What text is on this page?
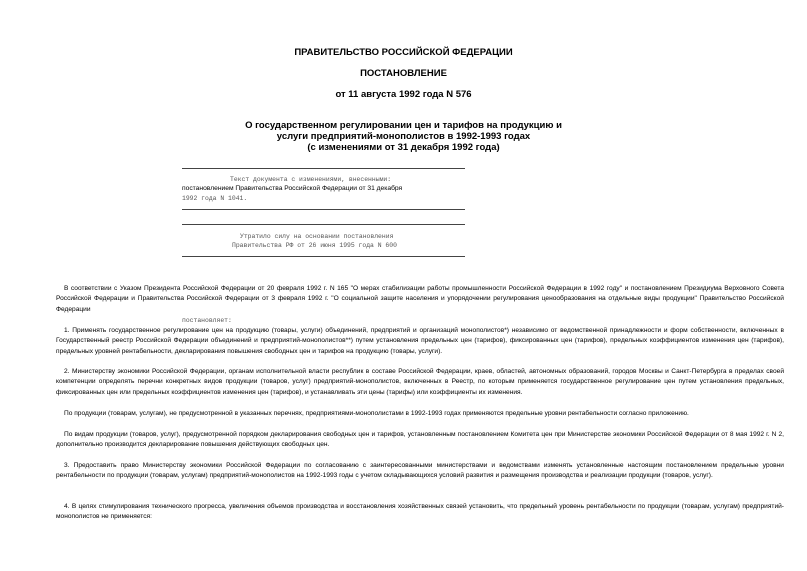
ПРАВИТЕЛЬСТВО РОССИЙСКОЙ ФЕДЕРАЦИИ
ПОСТАНОВЛЕНИЕ
от 11 августа 1992 года N 576
О государственном регулировании цен и тарифов на продукцию и
услуги предприятий-монополистов в 1992-1993 годах
(с изменениями от 31 декабря 1992 года)
Текст документа с изменениями, внесенными:
постановлением Правительства Российской Федерации от 31 декабря
1992 года N 1041.
Утратило силу на основании постановления
Правительства РФ от 26 июня 1995 года N 600
В соответствии с Указом Президента Российской Федерации от 20 февраля 1992 г. N 165 "О мерах стабилизации работы промышленности Российской Федерации в 1992 году" и постановлением Президиума Верховного Совета Российской Федерации и Правительства Российской Федерации от 3 февраля 1992 г. "О социальной защите населения и упорядочении регулирования ценообразования на отдельные виды продукции" Правительство Российской Федерации
постановляет:
1. Применять государственное регулирование цен на продукцию (товары, услуги) объединений, предприятий и организаций монополистов*) независимо от ведомственной принадлежности и форм собственности, включенных в Государственный реестр Российской Федерации объединений и предприятий-монополистов**) путем установления предельных цен (тарифов), фиксированных цен (тарифов), предельных коэффициентов изменения цен (тарифов), предельных уровней рентабельности, декларирования повышения свободных цен и тарифов на продукцию (товары, услуги).
2. Министерству экономики Российской Федерации, органам исполнительной власти республик в составе Российской Федерации, краев, областей, автономных образований, городов Москвы и Санкт-Петербурга в пределах своей компетенции определять перечни конкретных видов продукции (товаров, услуг) предприятий-монополистов, включенных в Реестр, по которым применяется государственное регулирование цен путем установления предельных, фиксированных цен или предельных коэффициентов изменения цен (тарифов), и устанавливать эти цены (тарифы) или коэффициенты их изменения.
По продукции (товарам, услугам), не предусмотренной в указанных перечнях, предприятиями-монополистами в 1992-1993 годах применяются предельные уровни рентабельности согласно приложению.
По видам продукции (товаров, услуг), предусмотренной порядком декларирования свободных цен и тарифов, установленным постановлением Комитета цен при Министерстве экономики Российской Федерации от 8 мая 1992 г. N 2, дополнительно производится декларирование повышения действующих свободных цен.
3. Предоставить право Министерству экономики Российской Федерации по согласованию с заинтересованными министерствами и ведомствами изменять установленные настоящим постановлением предельные уровни рентабельности по продукции (товарам, услугам) предприятий-монополистов на 1992-1993 годы с учетом складывающихся условий развития и размещения производства и реализации продукции (товаров, услуг).
4. В целях стимулирования технического прогресса, увеличения объемов производства и восстановления хозяйственных связей установить, что предельный уровень рентабельности по продукции (товарам, услугам) предприятий-монополистов не применяется:
